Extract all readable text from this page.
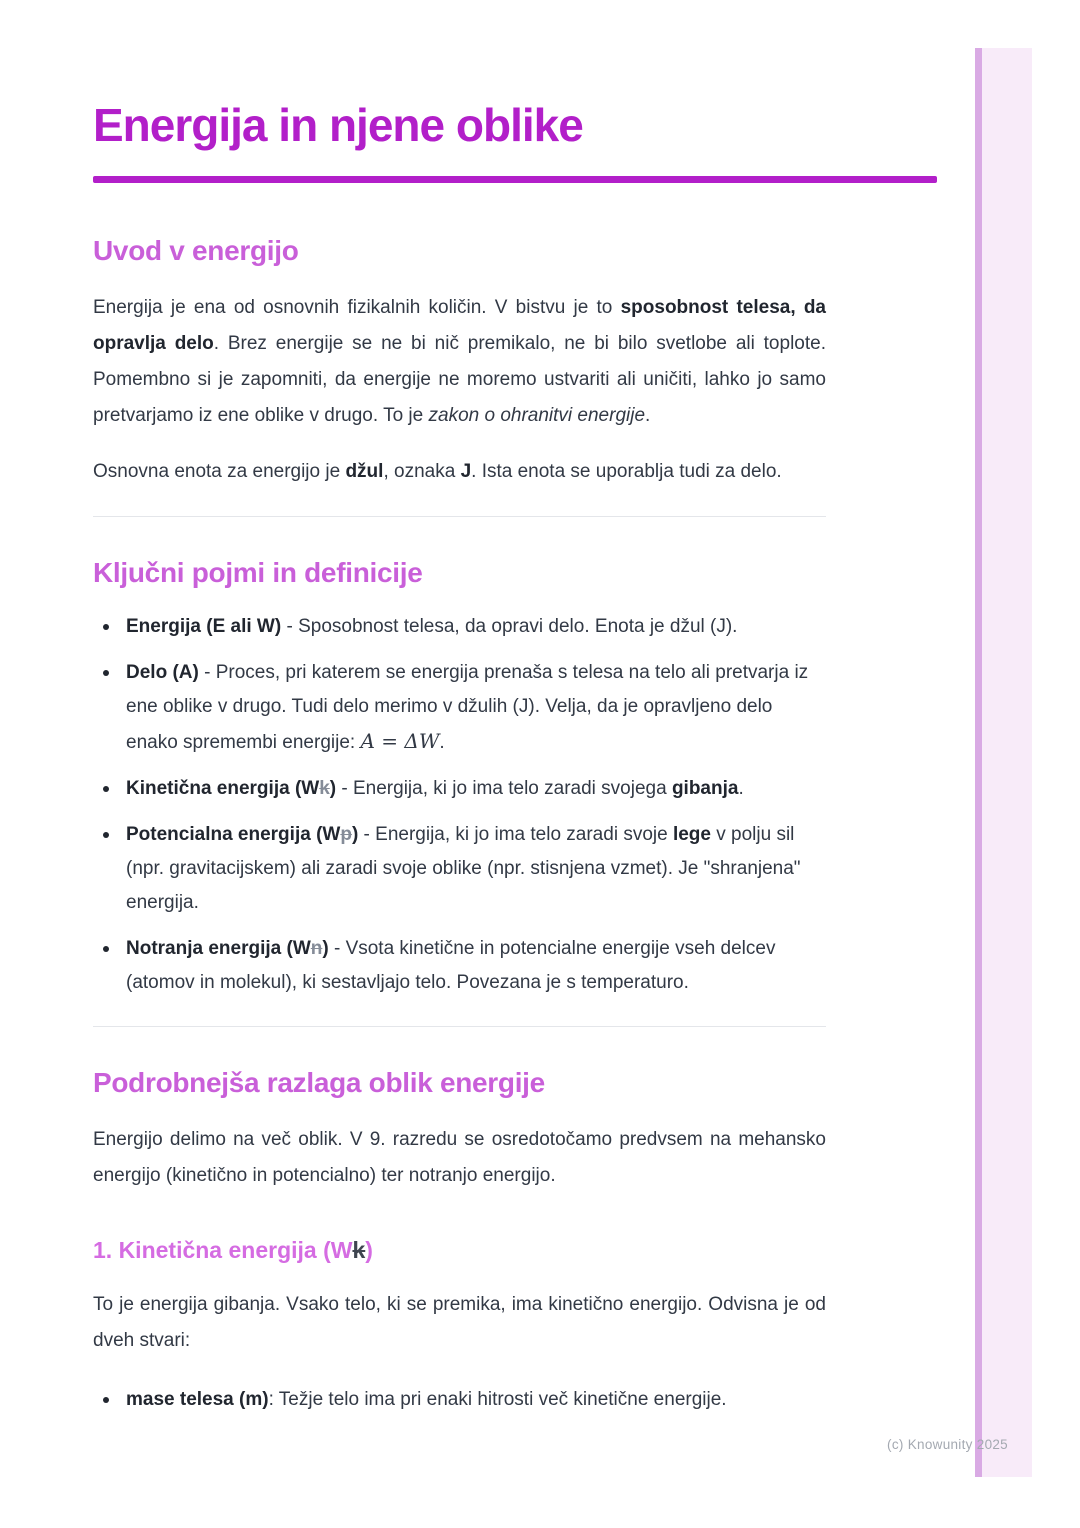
(c) Knowunity 2025
Energija in njene oblike
Uvod v energijo

Energija je ena od osnovnih fizikalnih količin. V bistvu je to sposobnost telesa, da opravlja delo. Brez energije se ne bi nič premikalo, ne bi bilo svetlobe ali toplote. Pomembno si je zapomniti, da energije ne moremo ustvariti ali uničiti, lahko jo samo pretvarjamo iz ene oblike v drugo. To je zakon o ohranitvi energije.

Osnovna enota za energijo je džul, oznaka J. Ista enota se uporablja tudi za delo.

Ključni pojmi in definicije
Energija (E ali W) - Sposobnost telesa, da opravi delo. Enota je džul (J).
Delo (A) - Proces, pri katerem se energija prenaša s telesa na telo ali pretvarja iz ene oblike v drugo. Tudi delo merimo v džulih (J). Velja, da je opravljeno delo enako spremembi energije: A = ΔW.
Kinetična energija (Wk) - Energija, ki jo ima telo zaradi svojega gibanja.
Potencialna energija (Wp) - Energija, ki jo ima telo zaradi svoje lege v polju sil (npr. gravitacijskem) ali zaradi svoje oblike (npr. stisnjena vzmet). Je "shranjena" energija.
Notranja energija (Wn) - Vsota kinetične in potencialne energije vseh delcev (atomov in molekul), ki sestavljajo telo. Povezana je s temperaturo.
Podrobnejša razlaga oblik energije

Energijo delimo na več oblik. V 9. razredu se osredotočamo predvsem na mehansko energijo (kinetično in potencialno) ter notranjo energijo.

1. Kinetična energija (Wk)

To je energija gibanja. Vsako telo, ki se premika, ima kinetično energijo. Odvisna je od dveh stvari:

mase telesa (m): Težje telo ima pri enaki hitrosti več kinetične energije.
